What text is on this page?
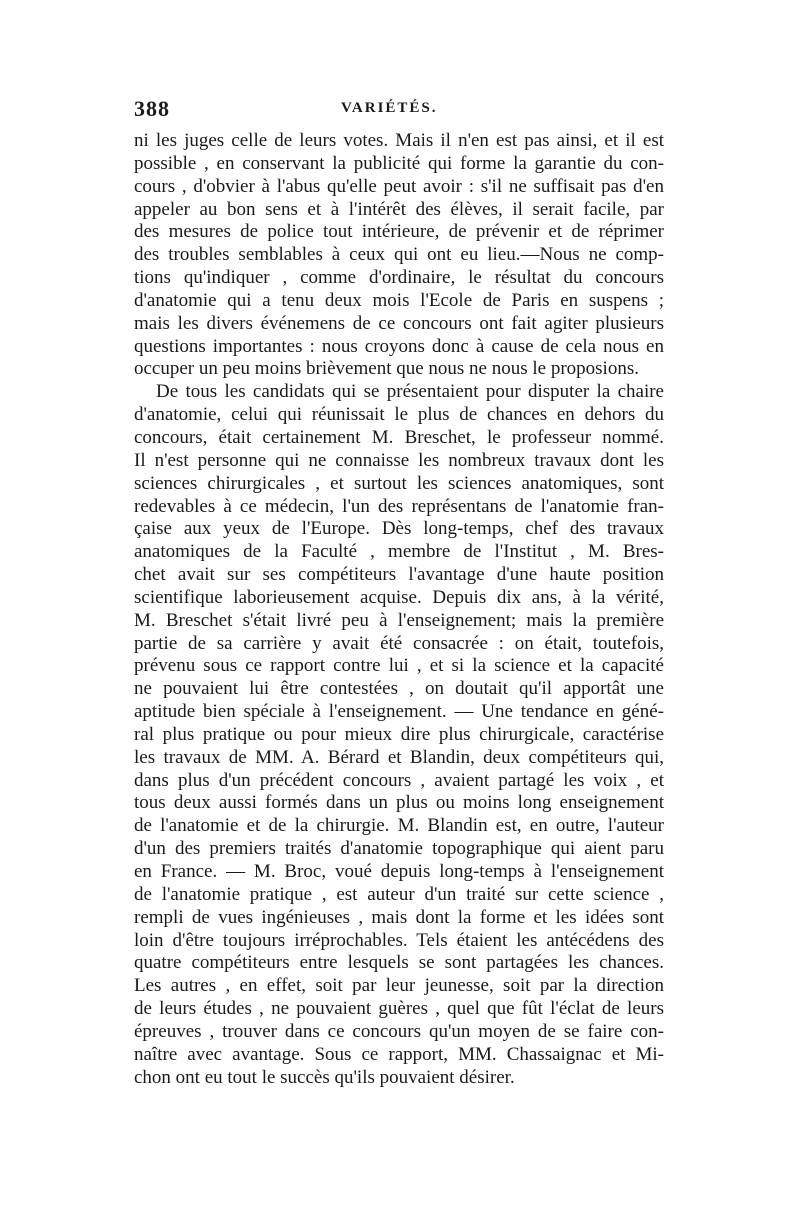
388	VARIÉTÉS.
ni les juges celle de leurs votes. Mais il n'en est pas ainsi, et il est
possible , en conservant la publicité qui forme la garantie du con-
cours , d'obvier à l'abus qu'elle peut avoir : s'il ne suffisait pas d'en
appeler au bon sens et à l'intérêt des élèves, il serait facile, par
des mesures de police tout intérieure, de prévenir et de réprimer
des troubles semblables à ceux qui ont eu lieu.—Nous ne comp-
tions qu'indiquer , comme d'ordinaire, le résultat du concours
d'anatomie qui a tenu deux mois l'Ecole de Paris en suspens ;
mais les divers événemens de ce concours ont fait agiter plusieurs
questions importantes : nous croyons donc à cause de cela nous en
occuper un peu moins brièvement que nous ne nous le proposions.
De tous les candidats qui se présentaient pour disputer la chaire
d'anatomie, celui qui réunissait le plus de chances en dehors du
concours, était certainement M. Breschet, le professeur nommé.
Il n'est personne qui ne connaisse les nombreux travaux dont les
sciences chirurgicales , et surtout les sciences anatomiques, sont
redevables à ce médecin, l'un des représentans de l'anatomie fran-
çaise aux yeux de l'Europe. Dès long-temps, chef des travaux
anatomiques de la Faculté , membre de l'Institut , M. Bres-
chet avait sur ses compétiteurs l'avantage d'une haute position
scientifique laborieusement acquise. Depuis dix ans, à la vérité,
M. Breschet s'était livré peu à l'enseignement; mais la première
partie de sa carrière y avait été consacrée : on était, toutefois,
prévenu sous ce rapport contre lui , et si la science et la capacité
ne pouvaient lui être contestées , on doutait qu'il apportât une
aptitude bien spéciale à l'enseignement. — Une tendance en géné-
ral plus pratique ou pour mieux dire plus chirurgicale, caractérise
les travaux de MM. A. Bérard et Blandin, deux compétiteurs qui,
dans plus d'un précédent concours , avaient partagé les voix , et
tous deux aussi formés dans un plus ou moins long enseignement
de l'anatomie et de la chirurgie. M. Blandin est, en outre, l'auteur
d'un des premiers traités d'anatomie topographique qui aient paru
en France. — M. Broc, voué depuis long-temps à l'enseignement
de l'anatomie pratique , est auteur d'un traité sur cette science ,
rempli de vues ingénieuses , mais dont la forme et les idées sont
loin d'être toujours irréprochables. Tels étaient les antécédens des
quatre compétiteurs entre lesquels se sont partagées les chances.
Les autres , en effet, soit par leur jeunesse, soit par la direction
de leurs études , ne pouvaient guères , quel que fût l'éclat de leurs
épreuves , trouver dans ce concours qu'un moyen de se faire con-
naître avec avantage. Sous ce rapport, MM. Chassaignac et Mi-
chon ont eu tout le succès qu'ils pouvaient désirer.
